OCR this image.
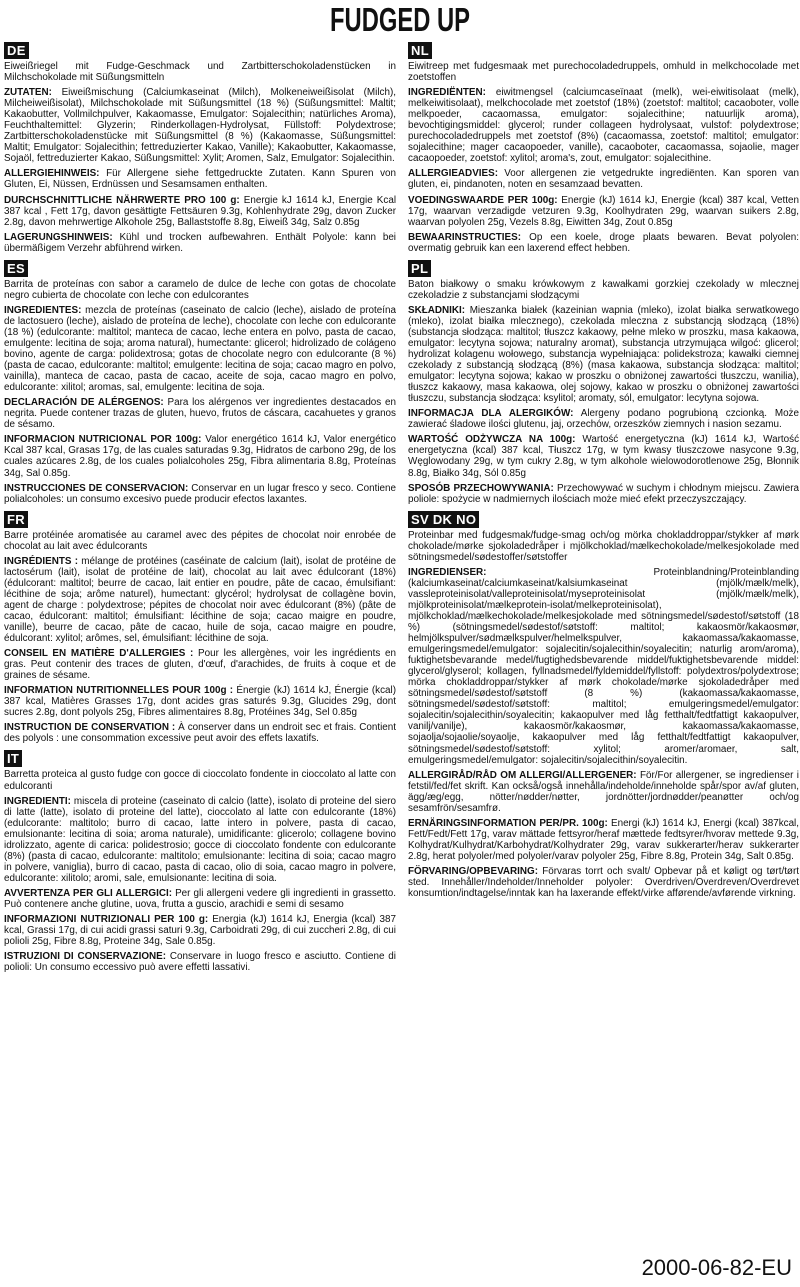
FUDGED UP
DE

Eiweißriegel mit Fudge-Geschmack und Zartbitterschokoladenstücken in Milchschokolade mit Süßungsmitteln

ZUTATEN: Eiweißmischung (Calciumkaseinat (Milch), Molkeneiweißisolat (Milch), Milcheiweißisolat), Milchschokolade mit Süßungsmittel (18 %) (Süßungsmittel: Maltit; Kakaobutter, Vollmilchpulver, Kakaomasse, Emulgator: Sojalecithin; natürliches Aroma), Feuchthaltemittel: Glyzerin; Rinderkollagen-Hydrolysat, Füllstoff: Polydextrose; Zartbitterschokoladenstücke mit Süßungsmittel (8 %) (Kakaomasse, Süßungsmittel: Maltit; Emulgator: Sojalecithin; fettreduzierter Kakao, Vanille); Kakaobutter, Kakaomasse, Sojaöl, fettreduzierter Kakao, Süßungsmittel: Xylit; Aromen, Salz, Emulgator: Sojalecithin.

ALLERGIEHINWEIS: Für Allergene siehe fettgedruckte Zutaten. Kann Spuren von Gluten, Ei, Nüssen, Erdnüssen und Sesamsamen enthalten.

DURCHSCHNITTLICHE NÄHRWERTE PRO 100 g: Energie kJ 1614 kJ, Energie Kcal 387 kcal , Fett 17g, davon gesättigte Fettsäuren 9.3g, Kohlenhydrate 29g, davon Zucker 2.8g, davon mehrwertige Alkohole 25g, Ballaststoffe 8.8g, Eiweiß 34g, Salz 0.85g

LAGERUNGSHINWEIS: Kühl und trocken aufbewahren. Enthält Polyole: kann bei übermäßigem Verzehr abführend wirken.

ES

Barrita de proteínas con sabor a caramelo de dulce de leche con gotas de chocolate negro cubierta de chocolate con leche con edulcorantes

INGREDIENTES: mezcla de proteínas (caseinato de calcio (leche), aislado de proteína de lactosuero (leche), aislado de proteína de leche), chocolate con leche con edulcorante (18 %) (edulcorante: maltitol; manteca de cacao, leche entera en polvo, pasta de cacao, emulgente: lecitina de soja; aroma natural), humectante: glicerol; hidrolizado de colágeno bovino, agente de carga: polidextrosa; gotas de chocolate negro con edulcorante (8 %) (pasta de cacao, edulcorante: maltitol; emulgente: lecitina de soja; cacao magro en polvo, vainilla), manteca de cacao, pasta de cacao, aceite de soja, cacao magro en polvo, edulcorante: xilitol; aromas, sal, emulgente: lecitina de soja.

DECLARACIÓN DE ALÉRGENOS: Para los alérgenos ver ingredientes destacados en negrita. Puede contener trazas de gluten, huevo, frutos de cáscara, cacahuetes y granos de sésamo.

INFORMACION NUTRICIONAL POR 100g: Valor energético 1614 kJ, Valor energético Kcal 387 kcal, Grasas 17g, de las cuales saturadas 9.3g, Hidratos de carbono 29g, de los cuales azúcares 2.8g, de los cuales polialcoholes 25g, Fibra alimentaria 8.8g, Proteínas 34g, Sal 0.85g.

INSTRUCCIONES DE CONSERVACION: Conservar en un lugar fresco y seco. Contiene polialcoholes: un consumo excesivo puede producir efectos laxantes.

FR

Barre protéinée aromatisée au caramel avec des pépites de chocolat noir enrobée de chocolat au lait avec édulcorants

INGRÉDIENTS : mélange de protéines (caséinate de calcium (lait), isolat de protéine de lactosérum (lait), isolat de protéine de lait), chocolat au lait avec édulcorant (18%) (édulcorant: maltitol; beurre de cacao, lait entier en poudre, pâte de cacao, émulsifiant: lécithine de soja; arôme naturel), humectant: glycérol; hydrolysat de collagène bovin, agent de charge : polydextrose; pépites de chocolat noir avec édulcorant (8%) (pâte de cacao, édulcorant: maltitol; émulsifiant: lécithine de soja; cacao maigre en poudre, vanille), beurre de cacao, pâte de cacao, huile de soja, cacao maigre en poudre, édulcorant: xylitol; arômes, sel, émulsifiant: lécithine de soja.

CONSEIL EN MATIÈRE D'ALLERGIES : Pour les allergènes, voir les ingrédients en gras. Peut contenir des traces de gluten, d'œuf, d'arachides, de fruits à coque et de graines de sésame.

INFORMATION NUTRITIONNELLES POUR 100g : Énergie (kJ) 1614 kJ, Énergie (kcal) 387 kcal, Matières Grasses 17g, dont acides gras saturés 9.3g, Glucides 29g, dont sucres 2.8g, dont polyols 25g, Fibres alimentaires 8.8g, Protéines 34g, Sel 0.85g

INSTRUCTION DE CONSERVATION : À conserver dans un endroit sec et frais. Contient des polyols : une consommation excessive peut avoir des effets laxatifs.

IT

Barretta proteica al gusto fudge con gocce di cioccolato fondente in cioccolato al latte con edulcoranti

INGREDIENTI: miscela di proteine (caseinato di calcio (latte), isolato di proteine del siero di latte (latte), isolato di proteine del latte), cioccolato al latte con edulcorante (18%) (edulcorante: maltitolo; burro di cacao, latte intero in polvere, pasta di cacao, emulsionante: lecitina di soia; aroma naturale), umidificante: glicerolo; collagene bovino idrolizzato, agente di carica: polidestrosio; gocce di cioccolato fondente con edulcorante (8%) (pasta di cacao, edulcorante: maltitolo; emulsionante: lecitina di soia; cacao magro in polvere, vaniglia), burro di cacao, pasta di cacao, olio di soia, cacao magro in polvere, edulcorante: xilitolo; aromi, sale, emulsionante: lecitina di soia.

AVVERTENZA PER GLI ALLERGICI: Per gli allergeni vedere gli ingredienti in grassetto. Può contenere anche glutine, uova, frutta a guscio, arachidi e semi di sesamo

INFORMAZIONI NUTRIZIONALI PER 100 g: Energia (kJ) 1614 kJ, Energia (kcal) 387 kcal, Grassi 17g, di cui acidi grassi saturi 9.3g, Carboidrati 29g, di cui zuccheri 2.8g, di cui polioli 25g, Fibre 8.8g, Proteine 34g, Sale 0.85g.

ISTRUZIONI DI CONSERVAZIONE: Conservare in luogo fresco e asciutto. Contiene di polioli: Un consumo eccessivo può avere effetti lassativi.

NL

Eiwitreep met fudgesmaak met purechocoladedruppels, omhuld in melkchocolade met zoetstoffen

INGREDIËNTEN: eiwitmengsel (calciumcaseïnaat (melk), wei-eiwitisolaat (melk), melkeiwitisolaat), melkchocolade met zoetstof (18%) (zoetstof: maltitol; cacaoboter, volle melkpoeder, cacaomassa, emulgator: sojalecithine; natuurlijk aroma), bevochtigingsmiddel: glycerol; runder collageen hydrolysaat, vulstof: polydextrose; purechocoladedruppels met zoetstof (8%) (cacaomassa, zoetstof: maltitol; emulgator: sojalecithine; mager cacaopoeder, vanille), cacaoboter, cacaomassa, sojaolie, mager cacaopoeder, zoetstof: xylitol; aroma's, zout, emulgator: sojalecithine.

ALLERGIEADVIES: Voor allergenen zie vetgedrukte ingrediënten. Kan sporen van gluten, ei, pindanoten, noten en sesamzaad bevatten.

VOEDINGSWAARDE PER 100g: Energie (kJ) 1614 kJ, Energie (kcal) 387 kcal, Vetten 17g, waarvan verzadigde vetzuren 9.3g, Koolhydraten 29g, waarvan suikers 2.8g, waarvan polyolen 25g, Vezels 8.8g, Eiwitten 34g, Zout 0.85g

BEWAARINSTRUCTIES: Op een koele, droge plaats bewaren. Bevat polyolen: overmatig gebruik kan een laxerend effect hebben.

PL

Baton białkowy o smaku krówkowym z kawałkami gorzkiej czekolady w mlecznej czekoladzie z substancjami słodzącymi

SKŁADNIKI: Mieszanka białek (kazeinian wapnia (mleko), izolat białka serwatkowego (mleko), izolat białka mlecznego), czekolada mleczna z substancją słodzącą (18%) (substancja słodząca: maltitol; tłuszcz kakaowy, pełne mleko w proszku, masa kakaowa, emulgator: lecytyna sojowa; naturalny aromat), substancja utrzymująca wilgoć: glicerol; hydrolizat kolagenu wołowego, substancja wypełniająca: polidekstroza; kawałki ciemnej czekolady z substancją słodzącą (8%) (masa kakaowa, substancja słodząca: maltitol; emulgator: lecytyna sojowa; kakao w proszku o obniżonej zawartości tłuszczu, wanilia), tłuszcz kakaowy, masa kakaowa, olej sojowy, kakao w proszku o obniżonej zawartości tłuszczu, substancja słodząca: ksylitol; aromaty, sól, emulgator: lecytyna sojowa.

INFORMACJA DLA ALERGIKÓW: Alergeny podano pogrubioną czcionką. Może zawierać śladowe ilości glutenu, jaj, orzechów, orzeszków ziemnych i nasion sezamu.

WARTOŚĆ ODŻYWCZA NA 100g: Wartość energetyczna (kJ) 1614 kJ, Wartość energetyczna (kcal) 387 kcal, Tłuszcz 17g, w tym kwasy tłuszczowe nasycone 9.3g, Węglowodany 29g, w tym cukry 2.8g, w tym alkohole wielowodorotlenowe 25g, Błonnik 8.8g, Białko 34g, Sól 0.85g

SPOSÓB PRZECHOWYWANIA: Przechowywać w suchym i chłodnym miejscu. Zawiera poliole: spożycie w nadmiernych ilościach może mieć efekt przeczyszczający.

SV DK NO

Proteinbar med fudgesmak/fudge-smag och/og mörka chokladdroppar/stykker af mørk chokolade/mørke sjokoladedråper i mjölkchoklad/mælkechokolade/melkesjokolade med sötningsmedel/sødestoffer/søtstoffer

INGREDIENSER:	Proteinblandning/Proteinblanding (kalciumkaseinat/calciumkaseinat/kalsiumkaseinat (mjölk/mælk/melk), vassleproteinisolat/valleproteinisolat/myseproteinisolat (mjölk/mælk/melk), mjölkproteinisolat/mælkeprotein-isolat/melkeproteinisolat), mjölkchoklad/mælkechokolade/melkesjokolade med sötningsmedel/sødestof/søtstoff (18 %) (sötningsmedel/sødestof/søtstoff: maltitol; kakaosmör/kakaosmør, helmjölkspulver/sødmælkspulver/helmelkspulver, kakaomassa/kakaomasse, emulgeringsmedel/emulgator: sojalecitin/sojalecithin/soyalecitin; naturlig arom/aroma), fuktighetsbevarande medel/fugtighedsbevarende middel/fuktighetsbevarende middel: glycerol/glyserol; kollagen, fyllnadsmedel/fyldemiddel/fyllstoff: polydextros/polydextrose; mörka chokladdroppar/stykker af mørk chokolade/mørke sjokoladedråper med sötningsmedel/sødestof/søtstoff (8 %) (kakaomassa/kakaomasse, sötningsmedel/sødestof/søtstoff: maltitol; emulgeringsmedel/emulgator: sojalecitin/sojalecithin/soyalecitin; kakaopulver med låg fetthalt/fedtfattigt kakaopulver, vanilj/vanilje), kakaosmör/kakaosmør, kakaomassa/kakaomasse, sojaolja/sojaolie/soyaolje, kakaopulver med låg fetthalt/fedtfattigt kakaopulver, sötningsmedel/sødestof/søtstoff: xylitol; aromer/aromaer, salt, emulgeringsmedel/emulgator: sojalecitin/sojalecithin/soyalecitin.

ALLERGIRÅD/RÅD OM ALLERGI/ALLERGENER: För/For allergener, se ingredienser i fetstil/fed/fet skrift. Kan också/også innehålla/indeholde/inneholde spår/spor av/af gluten, ägg/æg/egg, nötter/nødder/nøtter, jordnötter/jordnødder/peanøtter och/og sesamfrön/sesamfrø.

ERNÄRINGSINFORMATION PER/PR. 100g: Energi (kJ) 1614 kJ, Energi (kcal) 387kcal, Fett/Fedt/Fett 17g, varav mättade fettsyror/heraf mættede fedtsyrer/hvorav mettede 9.3g, Kolhydrat/Kulhydrat/Karbohydrat/Kolhydrater 29g, varav sukkerarter/herav sukkerarter 2.8g, herat polyoler/med polyoler/varav polyoler 25g, Fibre 8.8g, Protein 34g, Salt 0.85g.

FÖRVARING/OPBEVARING: Förvaras torrt och svalt/ Opbevar på et køligt og tørt/tørt sted. Innehåller/Indeholder/Inneholder polyoler: Overdriven/Overdreven/Overdrevet konsumtion/indtagelse/inntak kan ha laxerande effekt/virke afførende/avførende virkning.

2000-06-82-EU
